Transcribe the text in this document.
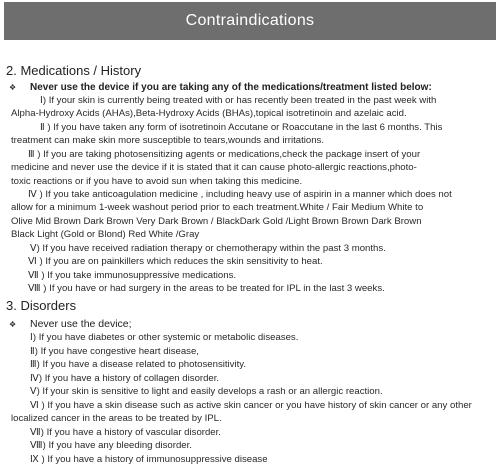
Contraindications
2. Medications / History
❖	Never use the device if you are taking any of the medications/treatment listed below:
Ⅰ) If your skin is currently being treated with or has recently been treated in the past week with
Alpha-Hydroxy Acids (AHAs),Beta-Hydroxy Acids (BHAs),topical isotretinoin and azelaic acid.
Ⅱ ) If you have taken any form of isotretinoin Accutane or Roaccutane in the last 6 months. This
treatment can make skin more susceptible to tears,wounds and irritations.
Ⅲ ) If you are taking photosensitizing agents or medications,check the package insert of your
medicine and never use the device if it is stated that it can cause photo-allergic reactions,photo-
toxic reactions or if you have to avoid sun when taking this medicine.
Ⅳ ) If you take anticoagulation medicine , including heavy use of aspirin in a manner which does not
allow for a minimum 1-week washout period prior to each treatment.White / Fair Medium White to
Olive Mid Brown Dark Brown Very Dark Brown / BlackDark Gold /Light Brown Brown Dark Brown
Black Light (Gold or Blond) Red White /Gray
Ⅴ) If you have received radiation therapy or chemotherapy within the past 3 months.
Ⅵ ) If you are on painkillers which reduces the skin sensitivity to heat.
Ⅶ ) If you take immunosuppressive medications.
Ⅷ ) If you have or had surgery in the areas to be treated for IPL in the last 3 weeks.
3. Disorders
❖	Never use the device;
Ⅰ) If you have diabetes or other systemic or metabolic diseases.
Ⅱ) If you have congestive heart disease,
Ⅲ) If you have a disease related to photosensitivity.
Ⅳ) If you have a history of collagen disorder.
Ⅴ) If your skin is sensitive to light and easily develops a rash or an allergic reaction.
Ⅵ ) If you have a skin disease such as active skin cancer or you have history of skin cancer or any other
localized cancer in the areas to be treated by IPL.
Ⅶ) If you have a history of vascular disorder.
Ⅷ) If you have any bleeding disorder.
Ⅸ ) If you have a history of immunosuppressive disease
